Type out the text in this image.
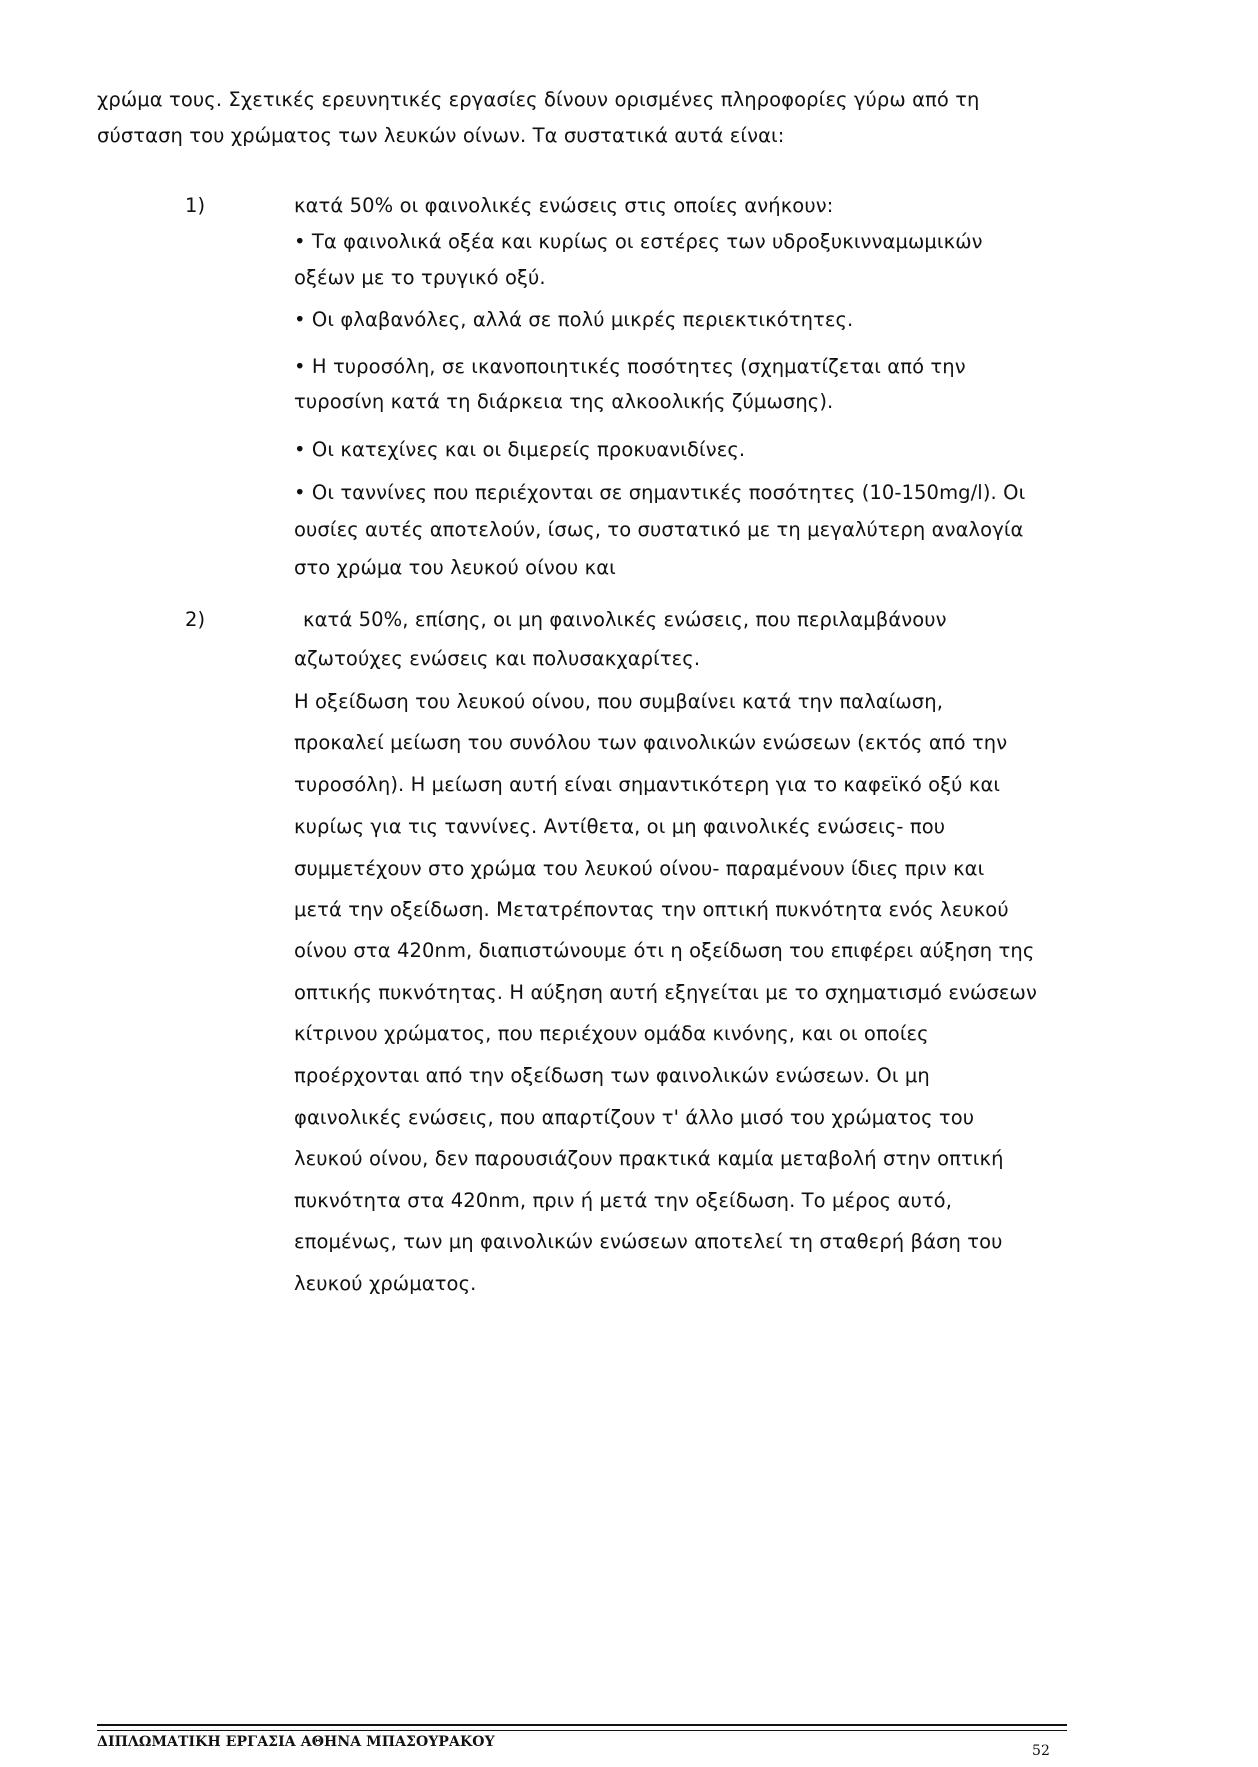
χρώμα τους. Σχετικές ερευνητικές εργασίες δίνουν ορισμένες πληροφορίες γύρω από τη
σύσταση του χρώματος των λευκών οίνων. Τα συστατικά αυτά είναι:
1)	κατά 50% οι φαινολικές ενώσεις στις οποίες ανήκουν:
• Τα φαινολικά οξέα και κυρίως οι εστέρες των υδροξυκινναμωμικών
οξέων με το τρυγικό οξύ.
• Οι φλαβανόλες, αλλά σε πολύ μικρές περιεκτικότητες.
• Η τυροσόλη, σε ικανοποιητικές ποσότητες (σχηματίζεται από την
τυροσίνη κατά τη διάρκεια της αλκοολικής ζύμωσης).
• Οι κατεχίνες και οι διμερείς προκυανιδίνες.
• Οι ταννίνες που περιέχονται σε σημαντικές ποσότητες (10-150mg/l). Οι
ουσίες αυτές αποτελούν, ίσως, το συστατικό με τη μεγαλύτερη αναλογία
στο χρώμα του λευκού οίνου και
2)	κατά 50%, επίσης, οι μη φαινολικές ενώσεις, που περιλαμβάνουν
αζωτούχες ενώσεις και πολυσακχαρίτες.
Η οξείδωση του λευκού οίνου, που συμβαίνει κατά την παλαίωση,
προκαλεί μείωση του συνόλου των φαινολικών ενώσεων (εκτός από την
τυροσόλη). Η μείωση αυτή είναι σημαντικότερη για το καφεϊκό οξύ και
κυρίως για τις ταννίνες. Αντίθετα, οι μη φαινολικές ενώσεις- που
συμμετέχουν στο χρώμα του λευκού οίνου- παραμένουν ίδιες πριν και
μετά την οξείδωση. Μετατρέποντας την οπτική πυκνότητα ενός λευκού
οίνου στα 420nm, διαπιστώνουμε ότι η οξείδωση του επιφέρει αύξηση της
οπτικής πυκνότητας. Η αύξηση αυτή εξηγείται με το σχηματισμό ενώσεων
κίτρινου χρώματος, που περιέχουν ομάδα κινόνης, και οι οποίες
προέρχονται από την οξείδωση των φαινολικών ενώσεων. Οι μη
φαινολικές ενώσεις, που απαρτίζουν τ' άλλο μισό του χρώματος του
λευκού οίνου, δεν παρουσιάζουν πρακτικά καμία μεταβολή στην οπτική
πυκνότητα στα 420nm, πριν ή μετά την οξείδωση. Το μέρος αυτό,
επομένως, των μη φαινολικών ενώσεων αποτελεί τη σταθερή βάση του
λευκού χρώματος.
ΔΙΠΛΩΜΑΤΙΚΗ ΕΡΓΑΣΙΑ ΑΘΗΝΑ ΜΠΑΣΟΥΡΑΚΟΥ
52
